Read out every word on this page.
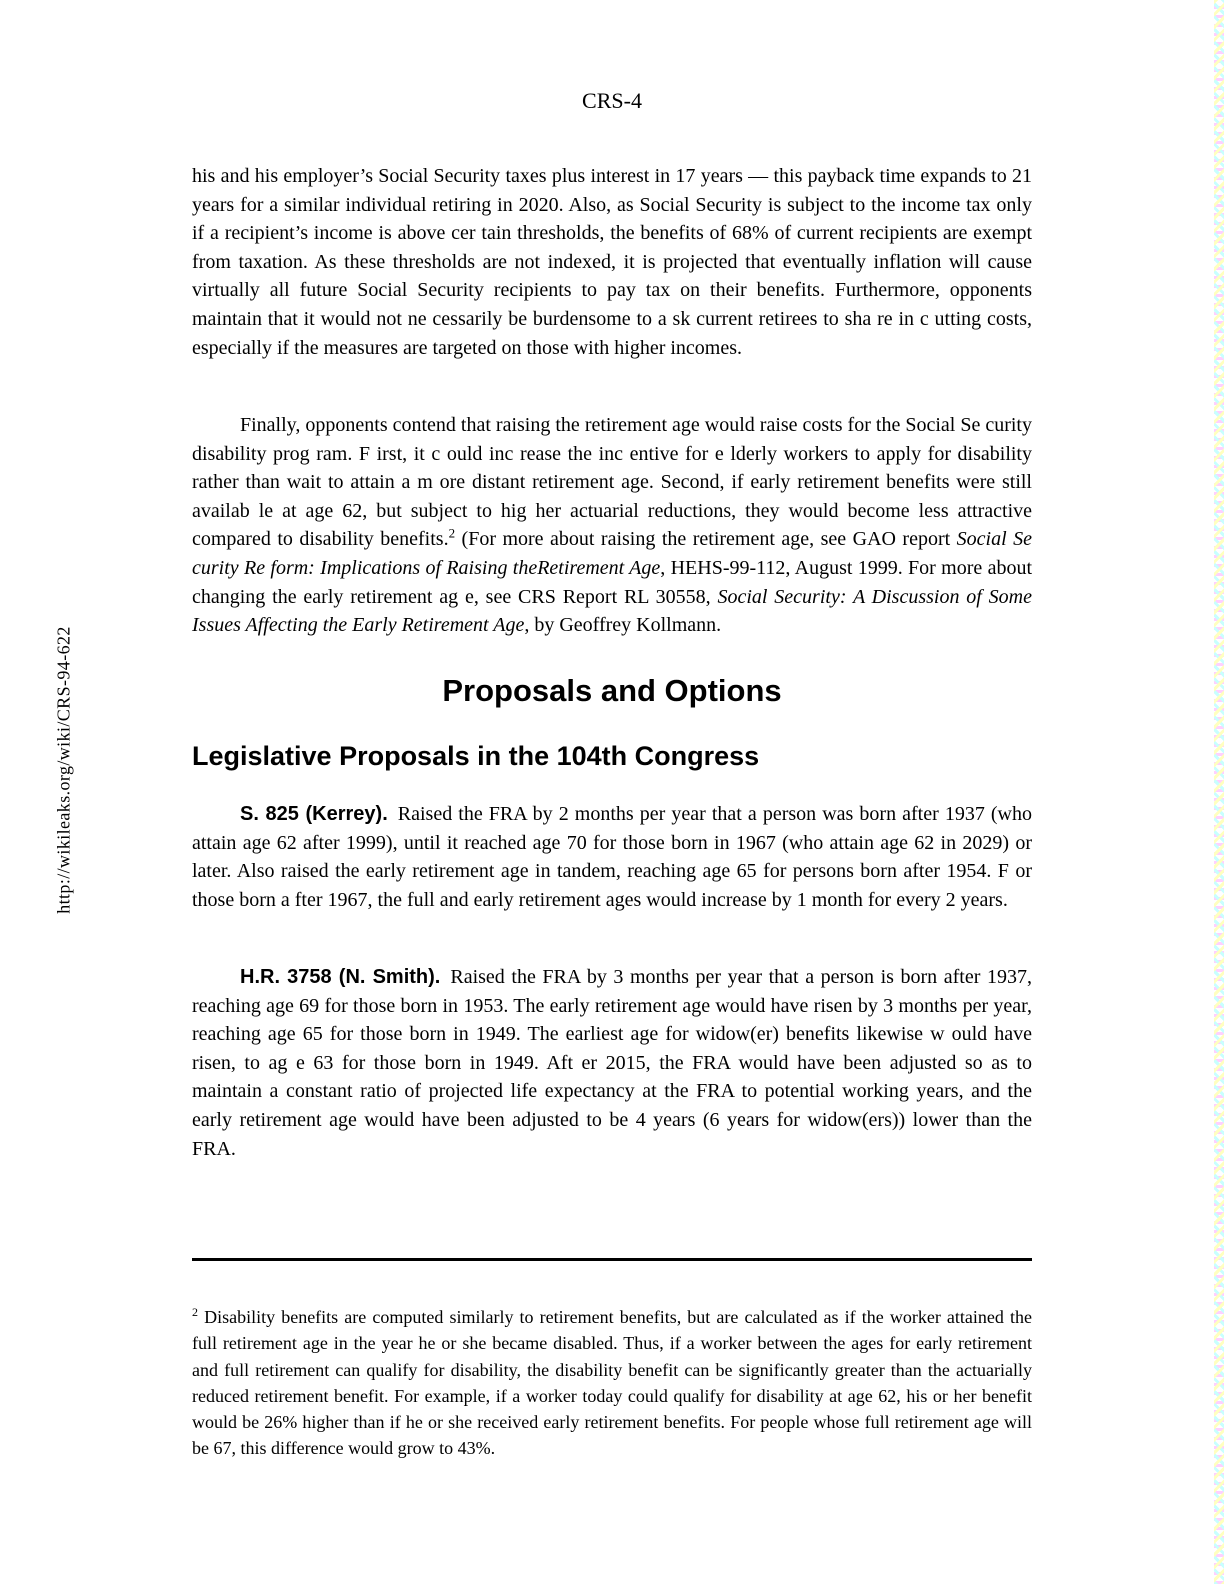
http://wikileaks.org/wiki/CRS-94-622
CRS-4

his and his employer’s Social Security taxes plus interest in 17 years — this payback time expands to 21 years for a similar individual retiring in 2020. Also, as Social Security is subject to the income tax only if a recipient’s income is above cer tain thresholds, the benefits of 68% of current recipients are exempt from taxation. As these thresholds are not indexed, it is projected that eventually inflation will cause virtually all future Social Security recipients to pay tax on their benefits. Furthermore, opponents maintain that it would not ne cessarily be burdensome to a sk current retirees to sha re in c utting costs, especially if the measures are targeted on those with higher incomes.

Finally, opponents contend that raising the retirement age would raise costs for the Social Se curity disability prog ram. F irst, it c ould inc rease the inc entive for e lderly workers to apply for disability rather than wait to attain a m ore distant retirement age. Second, if early retirement benefits were still availab le at age 62, but subject to hig her actuarial reductions, they would become less attractive compared to disability benefits.$^2$ (For more about raising the retirement age, see GAO report Social Se curity Re form: Implications of Raising theRetirement Age, HEHS-99-112, August 1999. For more about changing the early retirement ag e, see CRS Report RL 30558, Social Security: A Discussion of Some Issues Affecting the Early Retirement Age, by Geoffrey Kollmann.

Proposals and Options
Legislative Proposals in the 104th Congress

S. 825 (Kerrey). Raised the FRA by 2 months per year that a person was born after 1937 (who attain age 62 after 1999), until it reached age 70 for those born in 1967 (who attain age 62 in 2029) or later. Also raised the early retirement age in tandem, reaching age 65 for persons born after 1954. F or those born a fter 1967, the full and early retirement ages would increase by 1 month for every 2 years.

H.R. 3758 (N. Smith). Raised the FRA by 3 months per year that a person is born after 1937, reaching age 69 for those born in 1953. The early retirement age would have risen by 3 months per year, reaching age 65 for those born in 1949. The earliest age for widow(er) benefits likewise w ould have risen, to ag e 63 for those born in 1949. Aft er 2015, the FRA would have been adjusted so as to maintain a constant ratio of projected life expectancy at the FRA to potential working years, and the early retirement age would have been adjusted to be 4 years (6 years for widow(ers)) lower than the FRA.

$^2$ Disability benefits are computed similarly to retirement benefits, but are calculated as if the worker attained the full retirement age in the year he or she became disabled. Thus, if a worker between the ages for early retirement and full retirement can qualify for disability, the disability benefit can be significantly greater than the actuarially reduced retirement benefit. For example, if a worker today could qualify for disability at age 62, his or her benefit would be 26% higher than if he or she received early retirement benefits. For people whose full retirement age will be 67, this difference would grow to 43%.
